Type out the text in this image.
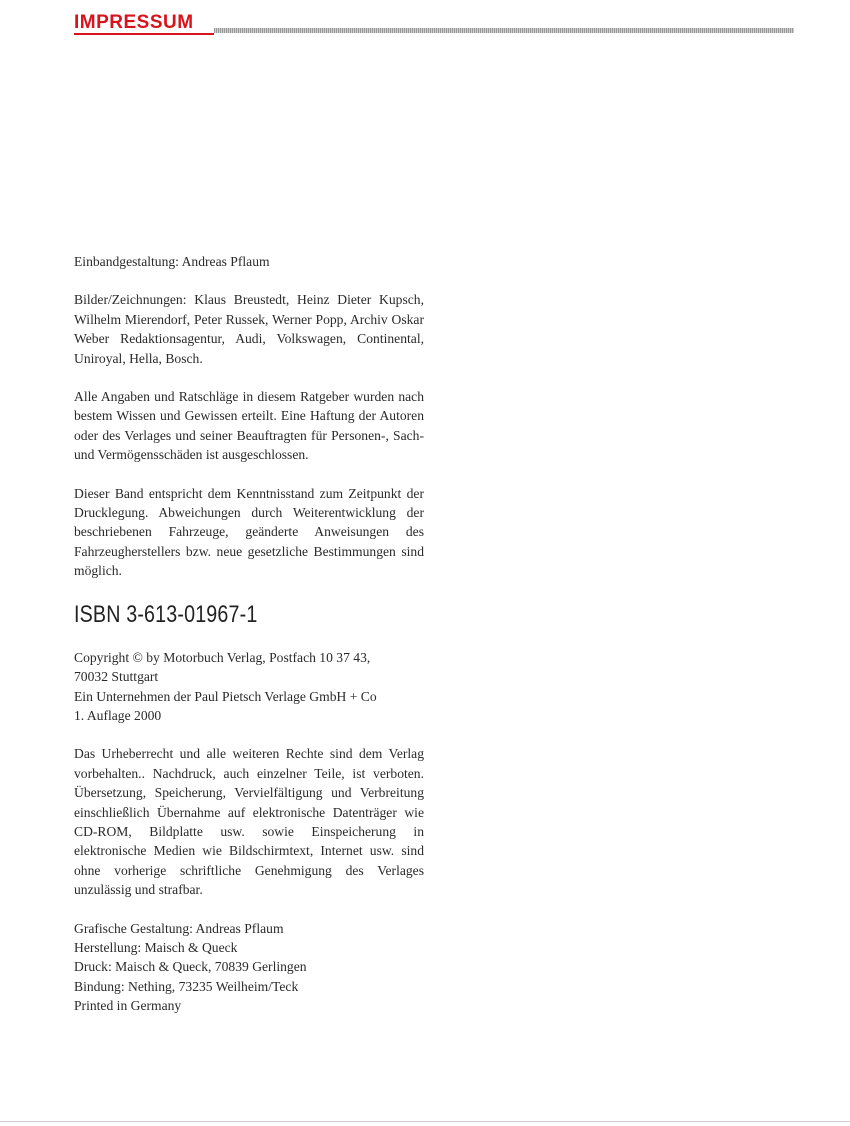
IMPRESSUM

Einbandgestaltung: Andreas Pflaum

Bilder/Zeichnungen: Klaus Breustedt, Heinz Dieter Kupsch, Wilhelm Mierendorf, Peter Russek, Werner Popp, Archiv Oskar Weber Redaktionsagentur, Audi, Volkswagen, Continental, Uniroyal, Hella, Bosch.

Alle Angaben und Ratschläge in diesem Ratgeber wurden nach bestem Wissen und Gewissen erteilt. Eine Haftung der Autoren oder des Verlages und seiner Beauftragten für Personen-, Sach- und Vermögensschäden ist ausgeschlossen.

Dieser Band entspricht dem Kenntnisstand zum Zeitpunkt der Drucklegung. Abweichungen durch Weiterentwicklung der beschriebenen Fahrzeuge, geänderte Anweisungen des Fahrzeugherstellers bzw. neue gesetzliche Bestimmungen sind möglich.

ISBN 3-613-01967-1

Copyright © by Motorbuch Verlag, Postfach 10 37 43,
70032 Stuttgart
Ein Unternehmen der Paul Pietsch Verlage GmbH + Co
1. Auflage 2000

Das Urheberrecht und alle weiteren Rechte sind dem Verlag vorbehalten.. Nachdruck, auch einzelner Teile, ist verboten. Übersetzung, Speicherung, Vervielfältigung und Verbreitung einschließlich Übernahme auf elektronische Datenträger wie CD-ROM, Bildplatte usw. sowie Einspeicherung in elektronische Medien wie Bildschirmtext, Internet usw. sind ohne vorherige schriftliche Genehmigung des Verlages unzulässig und strafbar.

Grafische Gestaltung: Andreas Pflaum
Herstellung: Maisch & Queck
Druck: Maisch & Queck, 70839 Gerlingen
Bindung: Nething, 73235 Weilheim/Teck
Printed in Germany
